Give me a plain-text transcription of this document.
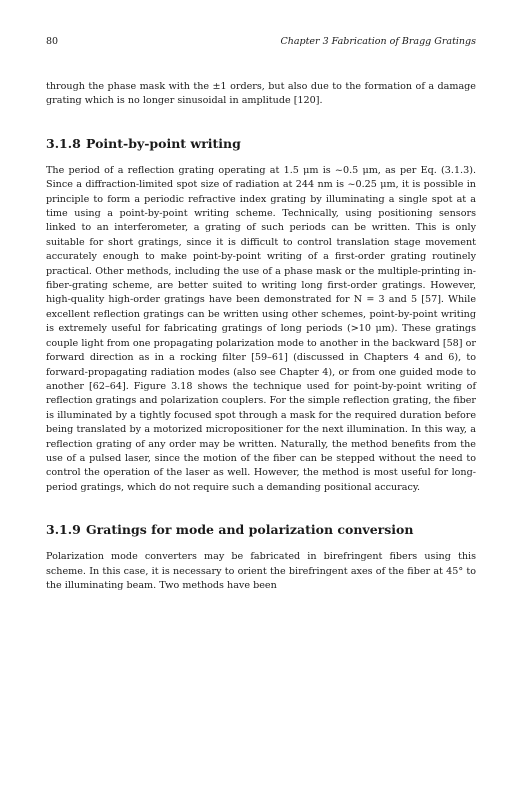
80	Chapter 3 Fabrication of Bragg Gratings

through the phase mask with the ±1 orders, but also due to the formation of a damage grating which is no longer sinusoidal in amplitude [120].

3.1.8 Point-by-point writing

The period of a reflection grating operating at 1.5 μm is ~0.5 μm, as per Eq. (3.1.3). Since a diffraction-limited spot size of radiation at 244 nm is ~0.25 μm, it is possible in principle to form a periodic refractive index grating by illuminating a single spot at a time using a point-by-point writing scheme. Technically, using positioning sensors linked to an interferometer, a grating of such periods can be written. This is only suitable for short gratings, since it is difficult to control translation stage movement accurately enough to make point-by-point writing of a first-order grating routinely practical. Other methods, including the use of a phase mask or the multiple-printing in-fiber-grating scheme, are better suited to writing long first-order gratings. However, high-quality high-order gratings have been demonstrated for N = 3 and 5 [57]. While excellent reflection gratings can be written using other schemes, point-by-point writing is extremely useful for fabricating gratings of long periods (>10 μm). These gratings couple light from one propagating polarization mode to another in the backward [58] or forward direction as in a rocking filter [59–61] (discussed in Chapters 4 and 6), to forward-propagating radiation modes (also see Chapter 4), or from one guided mode to another [62–64]. Figure 3.18 shows the technique used for point-by-point writing of reflection gratings and polarization couplers. For the simple reflection grating, the fiber is illuminated by a tightly focused spot through a mask for the required duration before being translated by a motorized micropositioner for the next illumination. In this way, a reflection grating of any order may be written. Naturally, the method benefits from the use of a pulsed laser, since the motion of the fiber can be stepped without the need to control the operation of the laser as well. However, the method is most useful for long-period gratings, which do not require such a demanding positional accuracy.

3.1.9 Gratings for mode and polarization conversion

Polarization mode converters may be fabricated in birefringent fibers using this scheme. In this case, it is necessary to orient the birefringent axes of the fiber at 45° to the illuminating beam. Two methods have been
